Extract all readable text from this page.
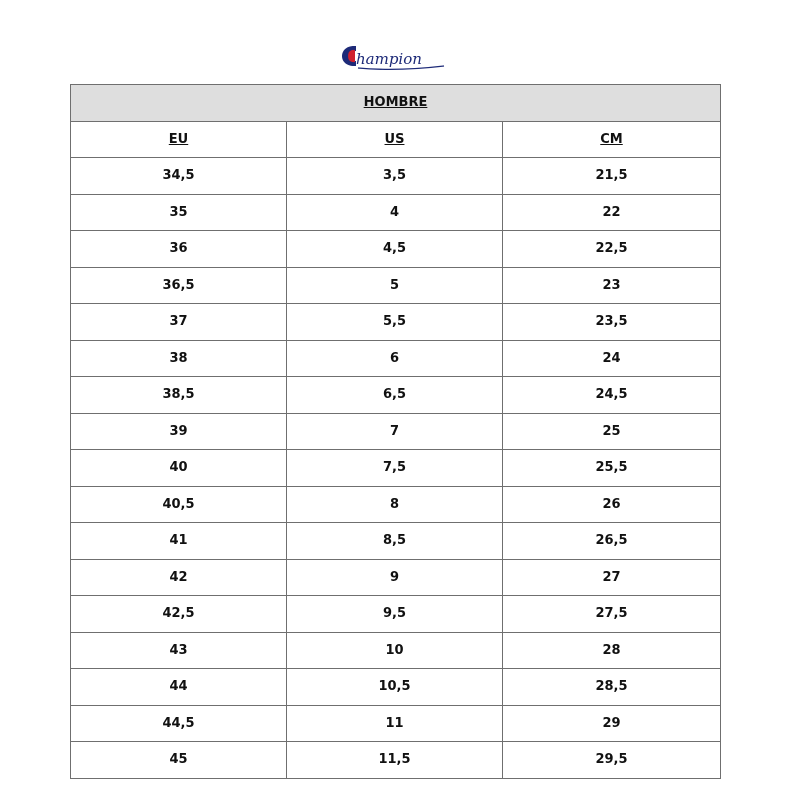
hampion
HOMBRE		
EU	US	CM
34,5	3,5	21,5
35	4	22
36	4,5	22,5
36,5	5	23
37	5,5	23,5
38	6	24
38,5	6,5	24,5
39	7	25
40	7,5	25,5
40,5	8	26
41	8,5	26,5
42	9	27
42,5	9,5	27,5
43	10	28
44	10,5	28,5
44,5	11	29
45	11,5	29,5
